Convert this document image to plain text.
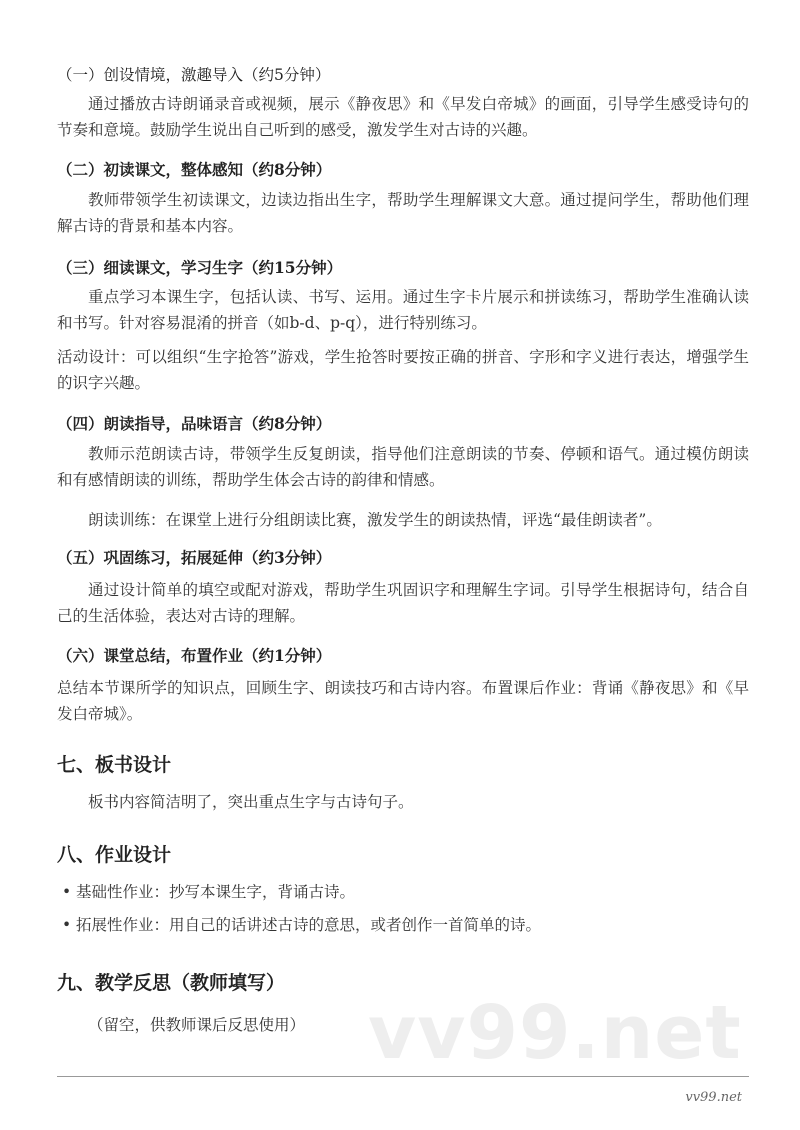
（一）创设情境，激趣导入（约5分钟）
通过播放古诗朗诵录音或视频，展示《静夜思》和《早发白帝城》的画面，引导学生感受诗句的节奏和意境。鼓励学生说出自己听到的感受，激发学生对古诗的兴趣。
（二）初读课文，整体感知（约8分钟）
教师带领学生初读课文，边读边指出生字，帮助学生理解课文大意。通过提问学生，帮助他们理解古诗的背景和基本内容。
（三）细读课文，学习生字（约15分钟）
重点学习本课生字，包括认读、书写、运用。通过生字卡片展示和拼读练习，帮助学生准确认读和书写。针对容易混淆的拼音（如b-d、p-q），进行特别练习。
活动设计：可以组织“生字抢答”游戏，学生抢答时要按正确的拼音、字形和字义进行表达，增强学生的识字兴趣。
（四）朗读指导，品味语言（约8分钟）
教师示范朗读古诗，带领学生反复朗读，指导他们注意朗读的节奏、停顿和语气。通过模仿朗读和有感情朗读的训练，帮助学生体会古诗的韵律和情感。
朗读训练：在课堂上进行分组朗读比赛，激发学生的朗读热情，评选“最佳朗读者”。
（五）巩固练习，拓展延伸（约3分钟）
通过设计简单的填空或配对游戏，帮助学生巩固识字和理解生字词。引导学生根据诗句，结合自己的生活体验，表达对古诗的理解。
（六）课堂总结，布置作业（约1分钟）
总结本节课所学的知识点，回顾生字、朗读技巧和古诗内容。布置课后作业：背诵《静夜思》和《早发白帝城》。
七、板书设计
板书内容简洁明了，突出重点生字与古诗句子。
八、作业设计
• 基础性作业：抄写本课生字，背诵古诗。
• 拓展性作业：用自己的话讲述古诗的意思，或者创作一首简单的诗。
九、教学反思（教师填写）
（留空，供教师课后反思使用） vv99.net
vv99.net
